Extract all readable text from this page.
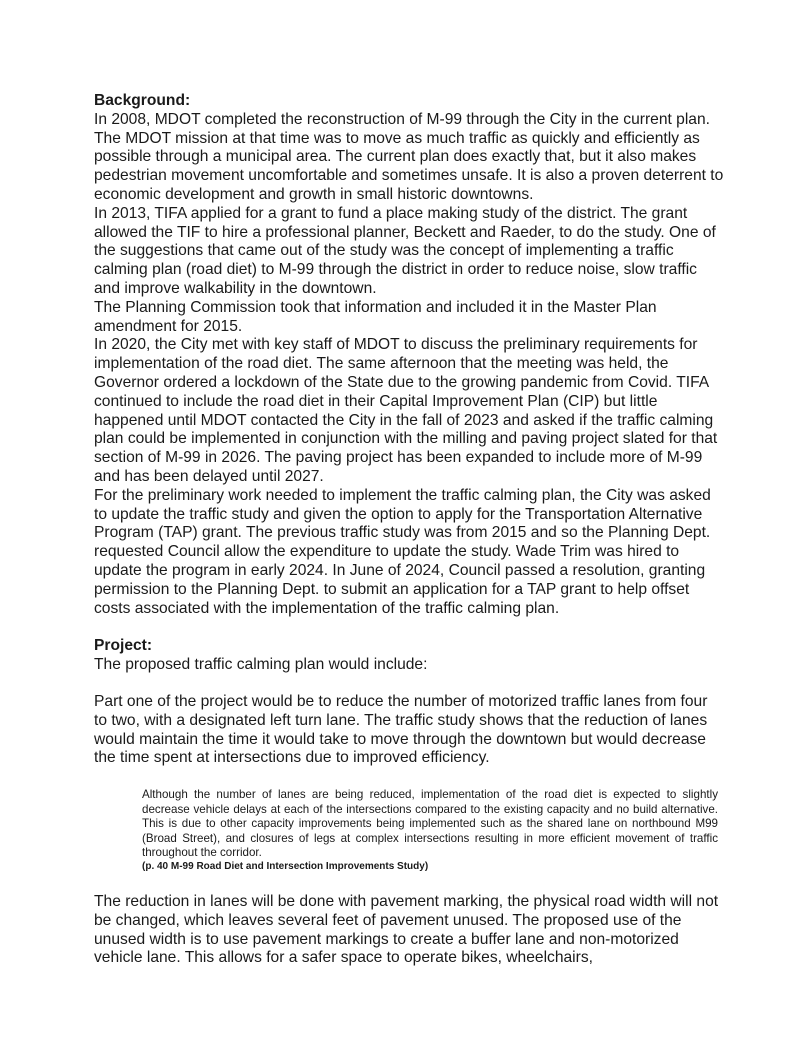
Background:

In 2008, MDOT completed the reconstruction of M-99 through the City in the current plan. The MDOT mission at that time was to move as much traffic as quickly and efficiently as possible through a municipal area. The current plan does exactly that, but it also makes pedestrian movement uncomfortable and sometimes unsafe. It is also a proven deterrent to economic development and growth in small historic downtowns.

In 2013, TIFA applied for a grant to fund a place making study of the district. The grant allowed the TIF to hire a professional planner, Beckett and Raeder, to do the study. One of the suggestions that came out of the study was the concept of implementing a traffic calming plan (road diet) to M-99 through the district in order to reduce noise, slow traffic and improve walkability in the downtown.

The Planning Commission took that information and included it in the Master Plan amendment for 2015.

In 2020, the City met with key staff of MDOT to discuss the preliminary requirements for implementation of the road diet. The same afternoon that the meeting was held, the Governor ordered a lockdown of the State due to the growing pandemic from Covid. TIFA continued to include the road diet in their Capital Improvement Plan (CIP) but little happened until MDOT contacted the City in the fall of 2023 and asked if the traffic calming plan could be implemented in conjunction with the milling and paving project slated for that section of M-99 in 2026. The paving project has been expanded to include more of M-99 and has been delayed until 2027.

For the preliminary work needed to implement the traffic calming plan, the City was asked to update the traffic study and given the option to apply for the Transportation Alternative Program (TAP) grant. The previous traffic study was from 2015 and so the Planning Dept. requested Council allow the expenditure to update the study. Wade Trim was hired to update the program in early 2024. In June of 2024, Council passed a resolution, granting permission to the Planning Dept. to submit an application for a TAP grant to help offset costs associated with the implementation of the traffic calming plan.

Project:

The proposed traffic calming plan would include:

Part one of the project would be to reduce the number of motorized traffic lanes from four to two, with a designated left turn lane. The traffic study shows that the reduction of lanes would maintain the time it would take to move through the downtown but would decrease the time spent at intersections due to improved efficiency.

Although the number of lanes are being reduced, implementation of the road diet is expected to slightly decrease vehicle delays at each of the intersections compared to the existing capacity and no build alternative. This is due to other capacity improvements being implemented such as the shared lane on northbound M99 (Broad Street), and closures of legs at complex intersections resulting in more efficient movement of traffic throughout the corridor.

(p. 40 M-99 Road Diet and Intersection Improvements Study)

The reduction in lanes will be done with pavement marking, the physical road width will not be changed, which leaves several feet of pavement unused. The proposed use of the unused width is to use pavement markings to create a buffer lane and non-motorized vehicle lane. This allows for a safer space to operate bikes, wheelchairs,
